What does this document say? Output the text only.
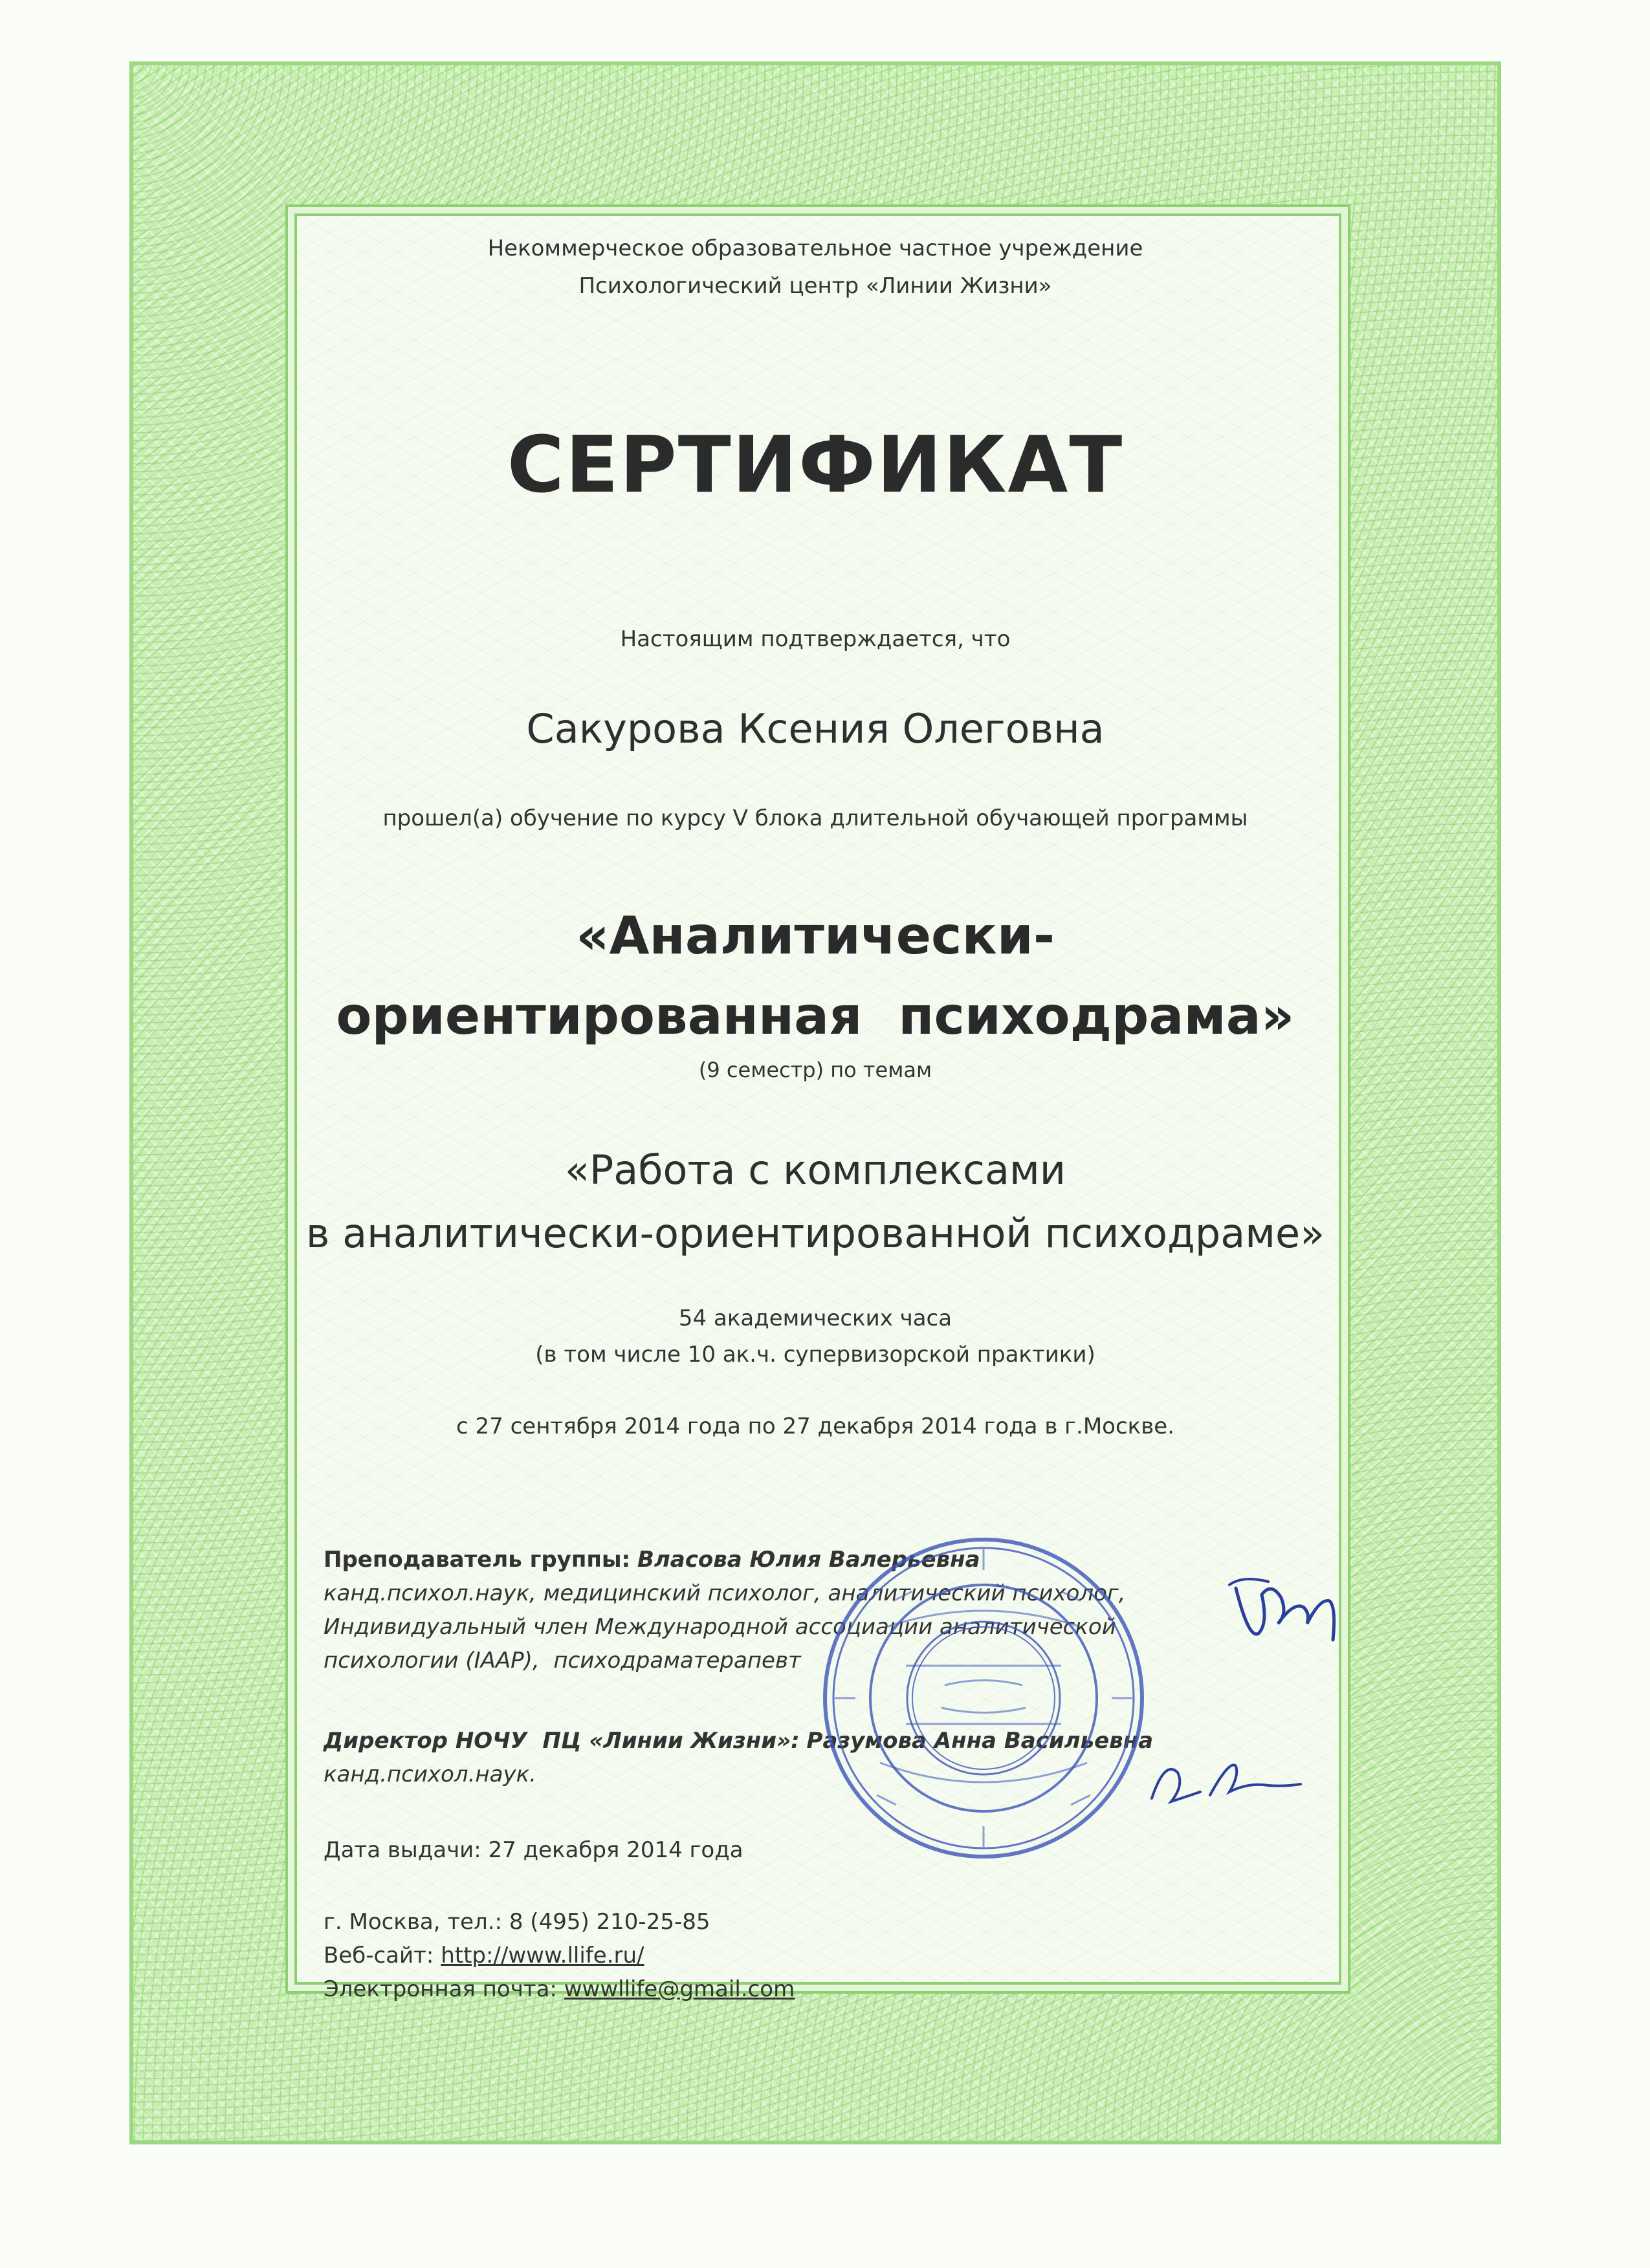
Некоммерческое образовательное частное учреждение
Психологический центр «Линии Жизни»
СЕРТИФИКАТ
Настоящим подтверждается, что
Сакурова Ксения Олеговна
прошел(а) обучение по курсу V блока длительной обучающей программы
«Аналитически-
ориентированная  психодрама»
(9 семестр) по темам
«Работа с комплексами
в аналитически-ориентированной психодраме»
54 академических часа
(в том числе 10 ак.ч. супервизорской практики)
с 27 сентября 2014 года по 27 декабря 2014 года в г.Москве.
Преподаватель группы: Власова Юлия Валерьевна
канд.психол.наук, медицинский психолог, аналитический психолог,
Индивидуальный член Международной ассоциации аналитической
психологии (IAAP),  психодраматерапевт
Директор НОЧУ  ПЦ «Линии Жизни»: Разумова Анна Васильевна
канд.психол.наук.
Дата выдачи: 27 декабря 2014 года
г. Москва, тел.: 8 (495) 210-25-85
Веб-сайт: http://www.llife.ru/
Электронная почта: wwwllife@gmail.com
